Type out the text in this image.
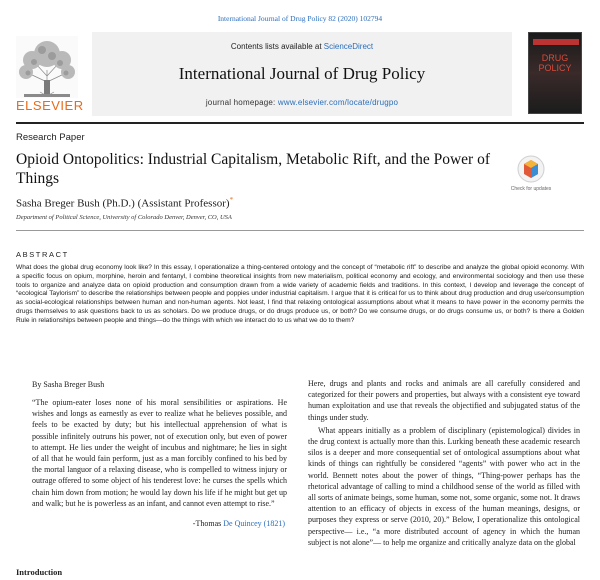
International Journal of Drug Policy 82 (2020) 102794
ELSEVIER
Contents lists available at ScienceDirect
International Journal of Drug Policy
journal homepage: www.elsevier.com/locate/drugpo
DRUG
POLICY
Research Paper
Opioid Ontopolitics: Industrial Capitalism, Metabolic Rift, and the Power of Things
Check for updates
Sasha Breger Bush (Ph.D.) (Assistant Professor)*
Department of Political Science, University of Colorado Denver, Denver, CO, USA
ABSTRACT
What does the global drug economy look like? In this essay, I operationalize a thing-centered ontology and the concept of “metabolic rift” to describe and analyze the global opioid economy. With a specific focus on opium, morphine, heroin and fentanyl, I combine theoretical insights from new materialism, political economy and ecology, and environmental sociology and then use these tools to organize and analyze data on opioid production and consumption drawn from a wide variety of academic fields and traditions. In this context, I develop and leverage the concept of “ecological Taylorism” to describe the relationships between people and poppies under industrial capitalism. I argue that it is critical for us to think about drug production and drug use/consumption as social-ecological relationships between human and non-human agents. Not least, I find that relaxing ontological assumptions about what it means to have power in the economy permits the drugs themselves to ask questions back to us as scholars. Do we produce drugs, or do drugs produce us, or both? Do we consume drugs, or do drugs consume us, or both? Is there a Golden Rule in relationships between people and things—do the things with which we interact do to us what we do to them?
By Sasha Breger Bush
“The opium-eater loses none of his moral sensibilities or aspirations. He wishes and longs as earnestly as ever to realize what he believes possible, and feels to be exacted by duty; but his intellectual apprehension of what is possible infinitely outruns his power, not of execution only, but even of power to attempt. He lies under the weight of incubus and nightmare; he lies in sight of all that he would fain perform, just as a man forcibly confined to his bed by the mortal languor of a relaxing disease, who is compelled to witness injury or outrage offered to some object of his tenderest love: he curses the spells which chain him down from motion; he would lay down his life if he might but get up and walk; but he is powerless as an infant, and cannot even attempt to rise.”
-Thomas De Quincey (1821)
Introduction
Here, drugs and plants and rocks and animals are all carefully considered and categorized for their powers and properties, but always with a consistent eye toward human exploitation and use that reveals the objectified and subjugated status of the things under study.
What appears initially as a problem of disciplinary (epistemological) divides in the drug context is actually more than this. Lurking beneath these academic research silos is a deeper and more consequential set of ontological assumptions about what kinds of things can rightfully be considered “agents” with power who act in the world. Bennett notes about the power of things, “Thing-power perhaps has the rhetorical advantage of calling to mind a childhood sense of the world as filled with all sorts of animate beings, some human, some not, some organic, some not. It draws attention to an efficacy of objects in excess of the human meanings, designs, or purposes they express or serve (2010, 20).” Below, I operationalize this ontological perspective— i.e., “a more distributed account of agency in which the human subject is not alone”— to help me organize and critically analyze data on the global
